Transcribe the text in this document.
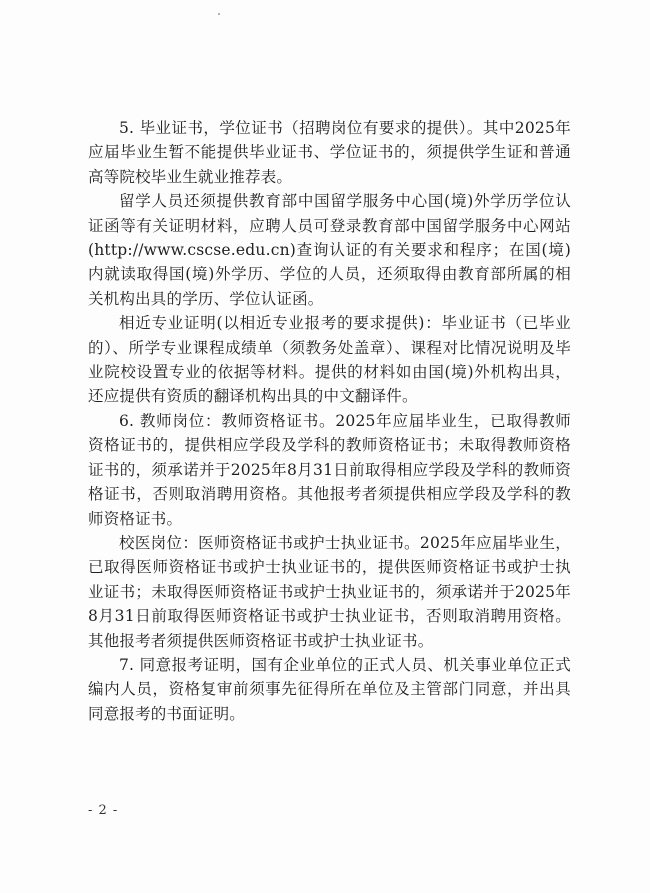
5. 毕业证书，学位证书（招聘岗位有要求的提供）。其中2025年应届毕业生暂不能提供毕业证书、学位证书的，须提供学生证和普通高等院校毕业生就业推荐表。

留学人员还须提供教育部中国留学服务中心国(境)外学历学位认证函等有关证明材料，应聘人员可登录教育部中国留学服务中心网站(http://www.cscse.edu.cn)查询认证的有关要求和程序；在国(境)内就读取得国(境)外学历、学位的人员，还须取得由教育部所属的相关机构出具的学历、学位认证函。

相近专业证明(以相近专业报考的要求提供)：毕业证书（已毕业的）、所学专业课程成绩单（须教务处盖章）、课程对比情况说明及毕业院校设置专业的依据等材料。提供的材料如由国(境)外机构出具，还应提供有资质的翻译机构出具的中文翻译件。

6. 教师岗位：教师资格证书。2025年应届毕业生，已取得教师资格证书的，提供相应学段及学科的教师资格证书；未取得教师资格证书的，须承诺并于2025年8月31日前取得相应学段及学科的教师资格证书，否则取消聘用资格。其他报考者须提供相应学段及学科的教师资格证书。

校医岗位：医师资格证书或护士执业证书。2025年应届毕业生，已取得医师资格证书或护士执业证书的，提供医师资格证书或护士执业证书；未取得医师资格证书或护士执业证书的，须承诺并于2025年8月31日前取得医师资格证书或护士执业证书，否则取消聘用资格。其他报考者须提供医师资格证书或护士执业证书。

7. 同意报考证明，国有企业单位的正式人员、机关事业单位正式编内人员，资格复审前须事先征得所在单位及主管部门同意，并出具同意报考的书面证明。

- 2 -
